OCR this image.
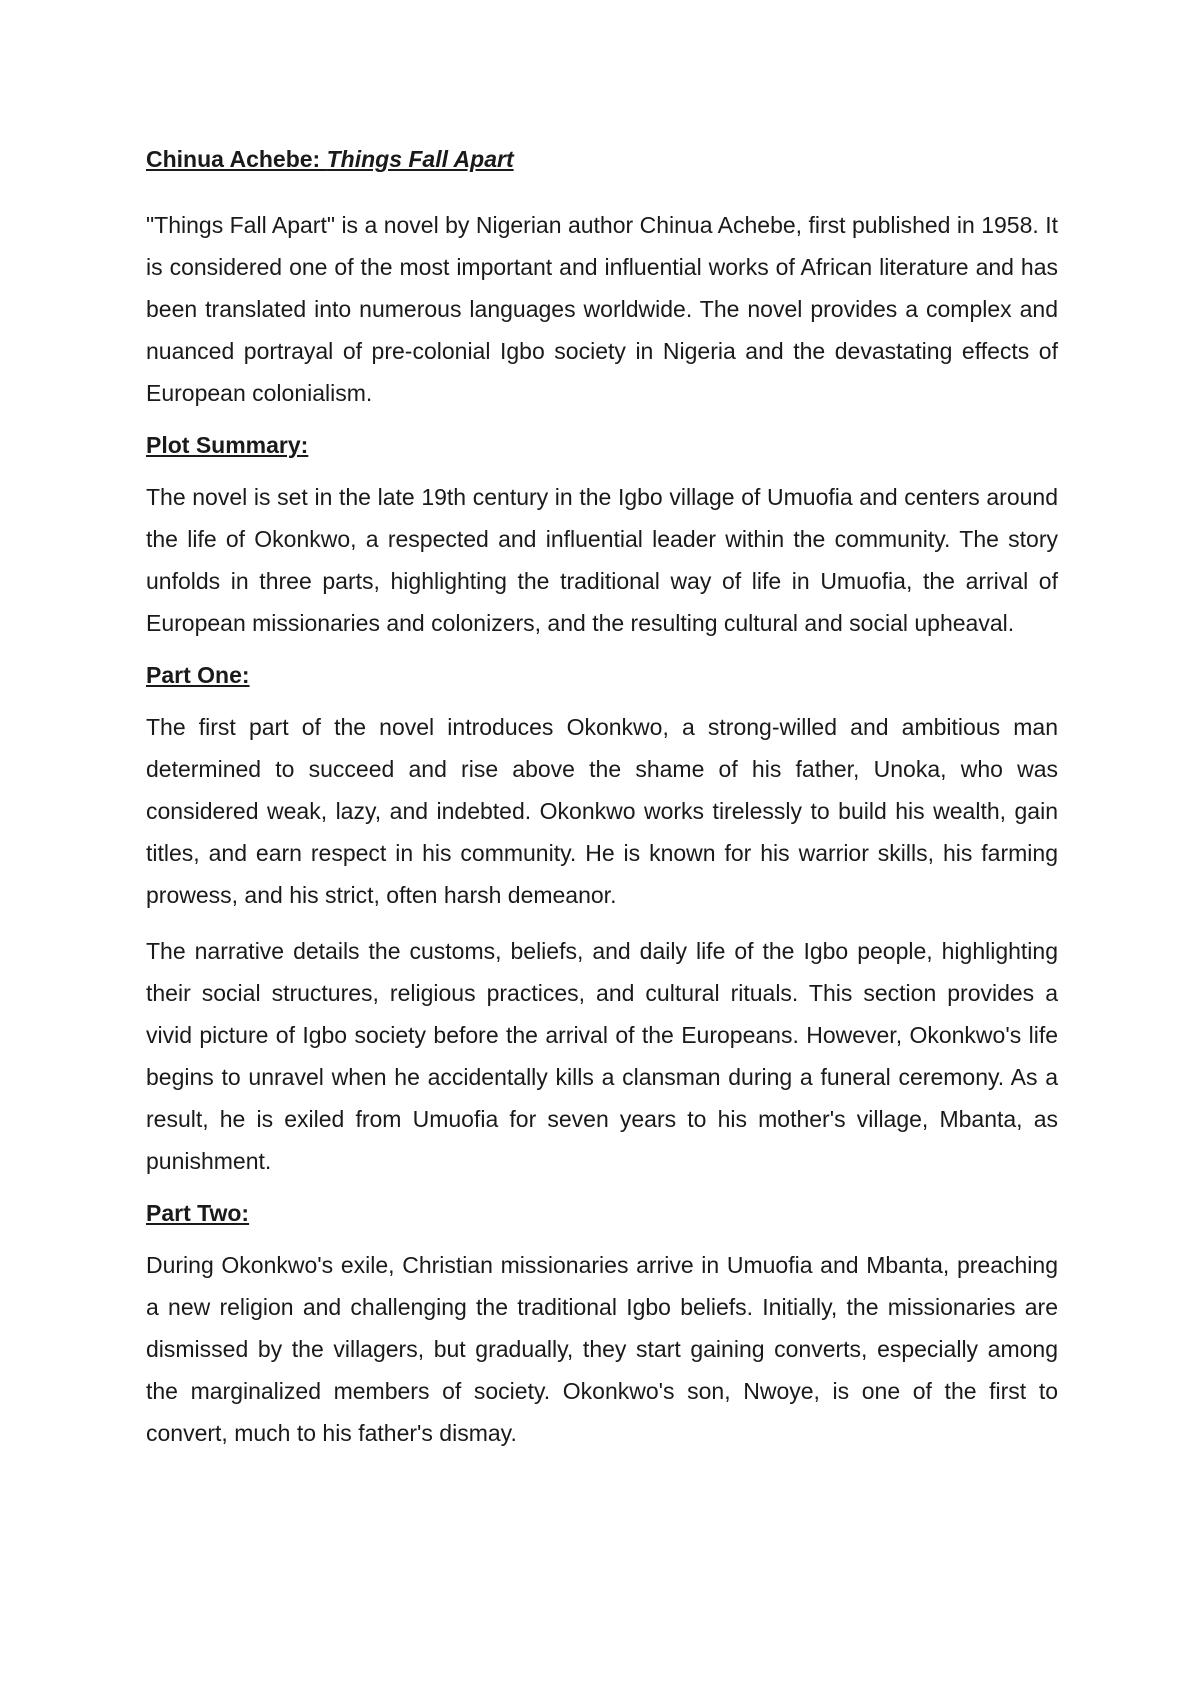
Chinua Achebe: Things Fall Apart

"Things Fall Apart" is a novel by Nigerian author Chinua Achebe, first published in 1958. It is considered one of the most important and influential works of African literature and has been translated into numerous languages worldwide. The novel provides a complex and nuanced portrayal of pre-colonial Igbo society in Nigeria and the devastating effects of European colonialism.

Plot Summary:

The novel is set in the late 19th century in the Igbo village of Umuofia and centers around the life of Okonkwo, a respected and influential leader within the community. The story unfolds in three parts, highlighting the traditional way of life in Umuofia, the arrival of European missionaries and colonizers, and the resulting cultural and social upheaval.

Part One:

The first part of the novel introduces Okonkwo, a strong-willed and ambitious man determined to succeed and rise above the shame of his father, Unoka, who was considered weak, lazy, and indebted. Okonkwo works tirelessly to build his wealth, gain titles, and earn respect in his community. He is known for his warrior skills, his farming prowess, and his strict, often harsh demeanor.

The narrative details the customs, beliefs, and daily life of the Igbo people, highlighting their social structures, religious practices, and cultural rituals. This section provides a vivid picture of Igbo society before the arrival of the Europeans. However, Okonkwo's life begins to unravel when he accidentally kills a clansman during a funeral ceremony. As a result, he is exiled from Umuofia for seven years to his mother's village, Mbanta, as punishment.

Part Two:

During Okonkwo's exile, Christian missionaries arrive in Umuofia and Mbanta, preaching a new religion and challenging the traditional Igbo beliefs. Initially, the missionaries are dismissed by the villagers, but gradually, they start gaining converts, especially among the marginalized members of society. Okonkwo's son, Nwoye, is one of the first to convert, much to his father's dismay.
